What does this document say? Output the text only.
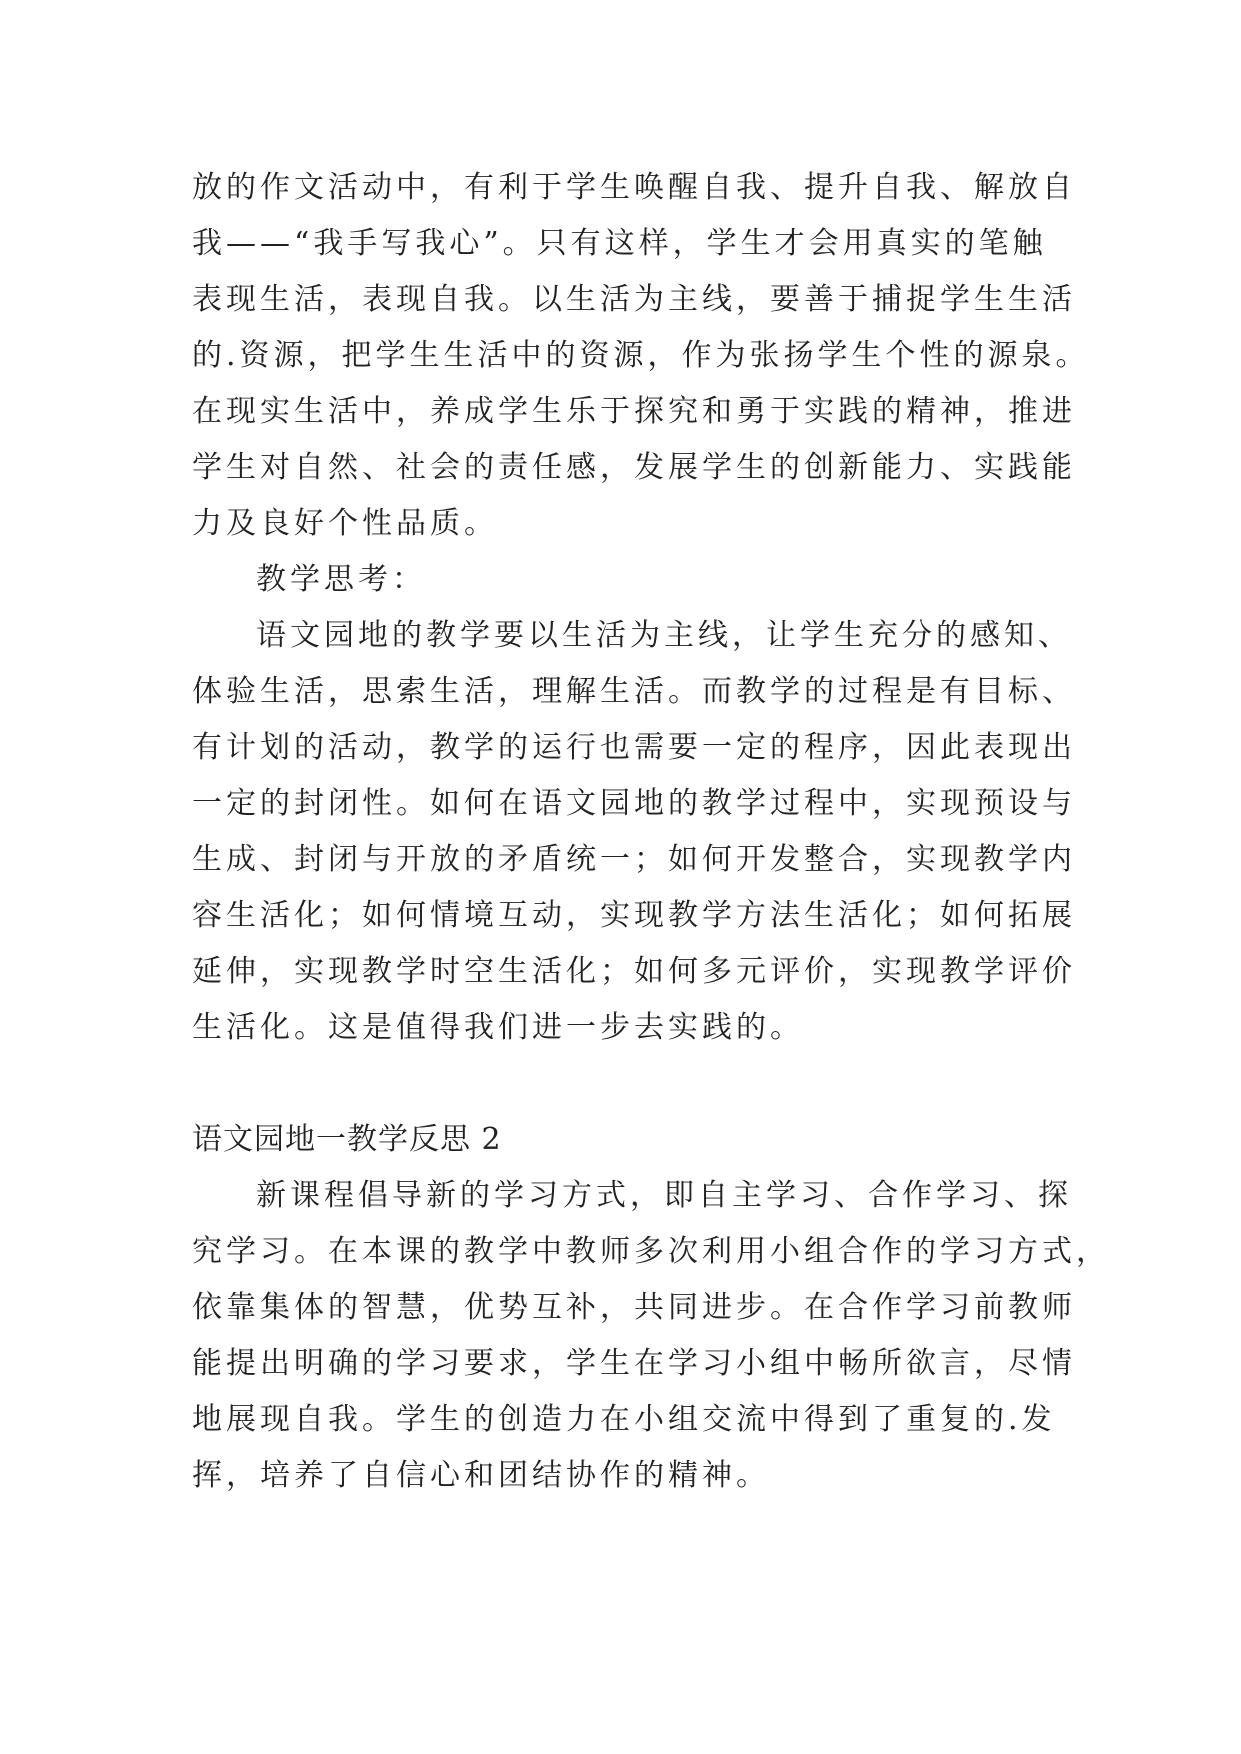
放的作文活动中，有利于学生唤醒自我、提升自我、解放自
我——“我手写我心”。只有这样，学生才会用真实的笔触
表现生活，表现自我。以生活为主线，要善于捕捉学生生活
的.资源，把学生生活中的资源，作为张扬学生个性的源泉。
在现实生活中，养成学生乐于探究和勇于实践的精神，推进
学生对自然、社会的责任感，发展学生的创新能力、实践能
力及良好个性品质。
教学思考：
语文园地的教学要以生活为主线，让学生充分的感知、
体验生活，思索生活，理解生活。而教学的过程是有目标、
有计划的活动，教学的运行也需要一定的程序，因此表现出
一定的封闭性。如何在语文园地的教学过程中，实现预设与
生成、封闭与开放的矛盾统一；如何开发整合，实现教学内
容生活化；如何情境互动，实现教学方法生活化；如何拓展
延伸，实现教学时空生活化；如何多元评价，实现教学评价
生活化。这是值得我们进一步去实践的。
语文园地一教学反思 2
新课程倡导新的学习方式，即自主学习、合作学习、探
究学习。在本课的教学中教师多次利用小组合作的学习方式，
依靠集体的智慧，优势互补，共同进步。在合作学习前教师
能提出明确的学习要求，学生在学习小组中畅所欲言，尽情
地展现自我。学生的创造力在小组交流中得到了重复的.发
挥，培养了自信心和团结协作的精神。
